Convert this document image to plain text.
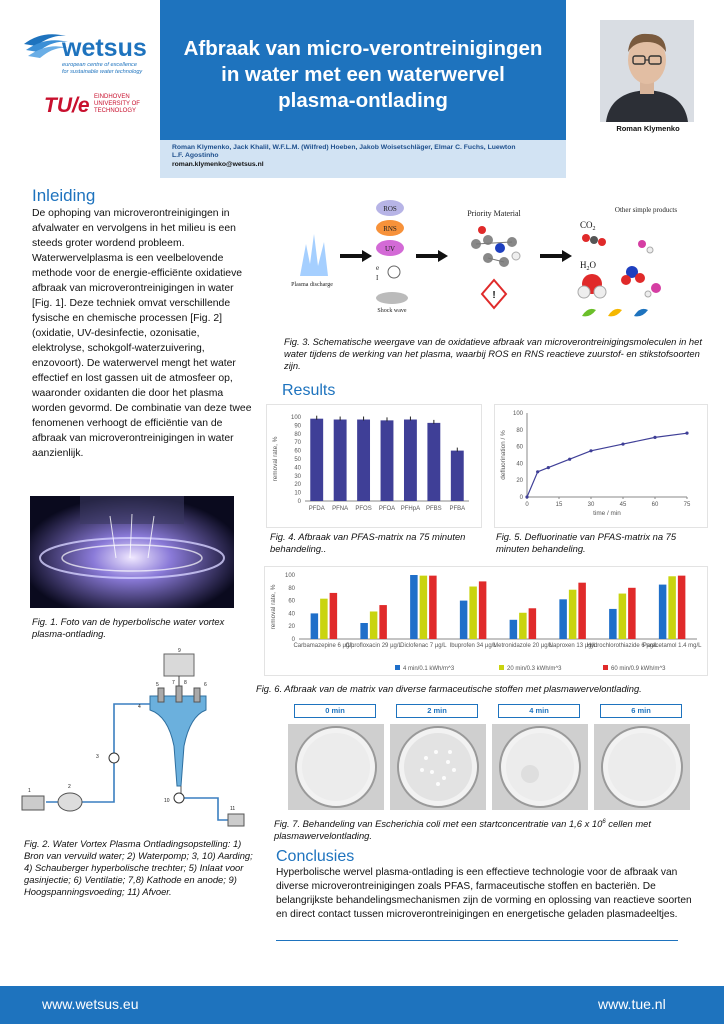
wetsus
european centre of excellence
for sustainable water technology
TU/e EINDHOVEN
UNIVERSITY OF
TECHNOLOGY
Afbraak van micro-verontreinigingen
in water met een waterwervel
plasma-ontlading
Roman Klymenko
Roman Klymenko, Jack Khalil, W.F.L.M. (Wilfred) Hoeben, Jakob Woisetschläger, Elmar C. Fuchs, Luewton
L.F. Agostinho
roman.klymenko@wetsus.nl
Inleiding
De ophoping van microverontreinigingen in afvalwater en vervolgens in het milieu is een steeds groter wordend probleem. Waterwervelplasma is een veelbelovende methode voor de energie-efficiënte oxidatieve afbraak van microverontreinigingen in water [Fig. 1]. Deze techniek omvat verschillende fysische en chemische processen [Fig. 2] (oxidatie, UV-desinfectie, ozonisatie, elektrolyse, schokgolf-waterzuivering, enzovoort). De waterwervel mengt het water effectief en lost gassen uit de atmosfeer op, waaronder oxidanten die door het plasma worden gevormd. De combinatie van deze twee fenomenen verhoogt de efficiëntie van de afbraak van microverontreinigingen in water aanzienlijk.
Fig. 1. Foto van de hyperbolische water vortex plasma-ontlading.
1
2
3
4
5	6
7 8
9
10
11
Fig. 2. Water Vortex Plasma Ontladingsopstelling: 1) Bron van vervuild water; 2) Waterpomp; 3, 10) Aarding; 4) Schauberger hyperbolische trechter; 5) Inlaat voor gasinjectie; 6) Ventilatie; 7,8) Kathode en anode; 9) Hoogspanningsvoeding; 11) Afvoer.
Plasma discharge
ROS
RNS
UV
e
I
Shock wave
Priority Material
!
$CO_2$
$H_2O$
Other simple products
Fig. 3. Schematische weergave van de oxidatieve afbraak van microverontreinigingsmoleculen in het water tijdens de werking van het plasma, waarbij ROS en RNS reactieve zuurstof- en stikstofsoorten zijn.
Results
0
10
20
30
40
50
60
70
80
90
100
PFDA PFNA PFOS PFOA PFHpA PFBS PFBA
removal rate, %
Fig. 4. Afbraak van PFAS-matrix na 75 minuten behandeling..
0
20
40
60
80
100
0	15	30	45	60	75
time / min
defluorination / %
Fig. 5. Defluorinatie van PFAS-matrix na 75 minuten behandeling.
0
20
40
60
80
100
Carbamazepine 6 µg/L
Ciprofloxacin 29 µg/L
Diclofenac 7 µg/L Ibuprofen 34 µg/L
Metronidazole 20 µg/L
Naproxen 13 µg/L
Hydrochlorothiazide 6 µg/L
Paracetamol 1.4 mg/L
removal rate, %
4 min/0.1 kWh/m^3	20 min/0.3 kWh/m^3	60 min/0.9 kWh/m^3
Fig. 6. Afbraak van de matrix van diverse farmaceutische stoffen met plasmawervelontlading.
0 min	2 min	4 min	6 min
Fig. 7. Behandeling van Escherichia coli met een startconcentratie van 1,6 x $10^6$ cellen met plasmawervelontlading.
Conclusies
Hyperbolische wervel plasma-ontlading is een effectieve technologie voor de afbraak van diverse microverontreinigingen zoals PFAS, farmaceutische stoffen en bacteriën. De belangrijkste behandelingsmechanismen zijn de vorming en oplossing van reactieve soorten en direct contact tussen microverontreinigingen en energetische geladen plasmadeeltjes.
www.wetsus.eu	www.tue.nl
